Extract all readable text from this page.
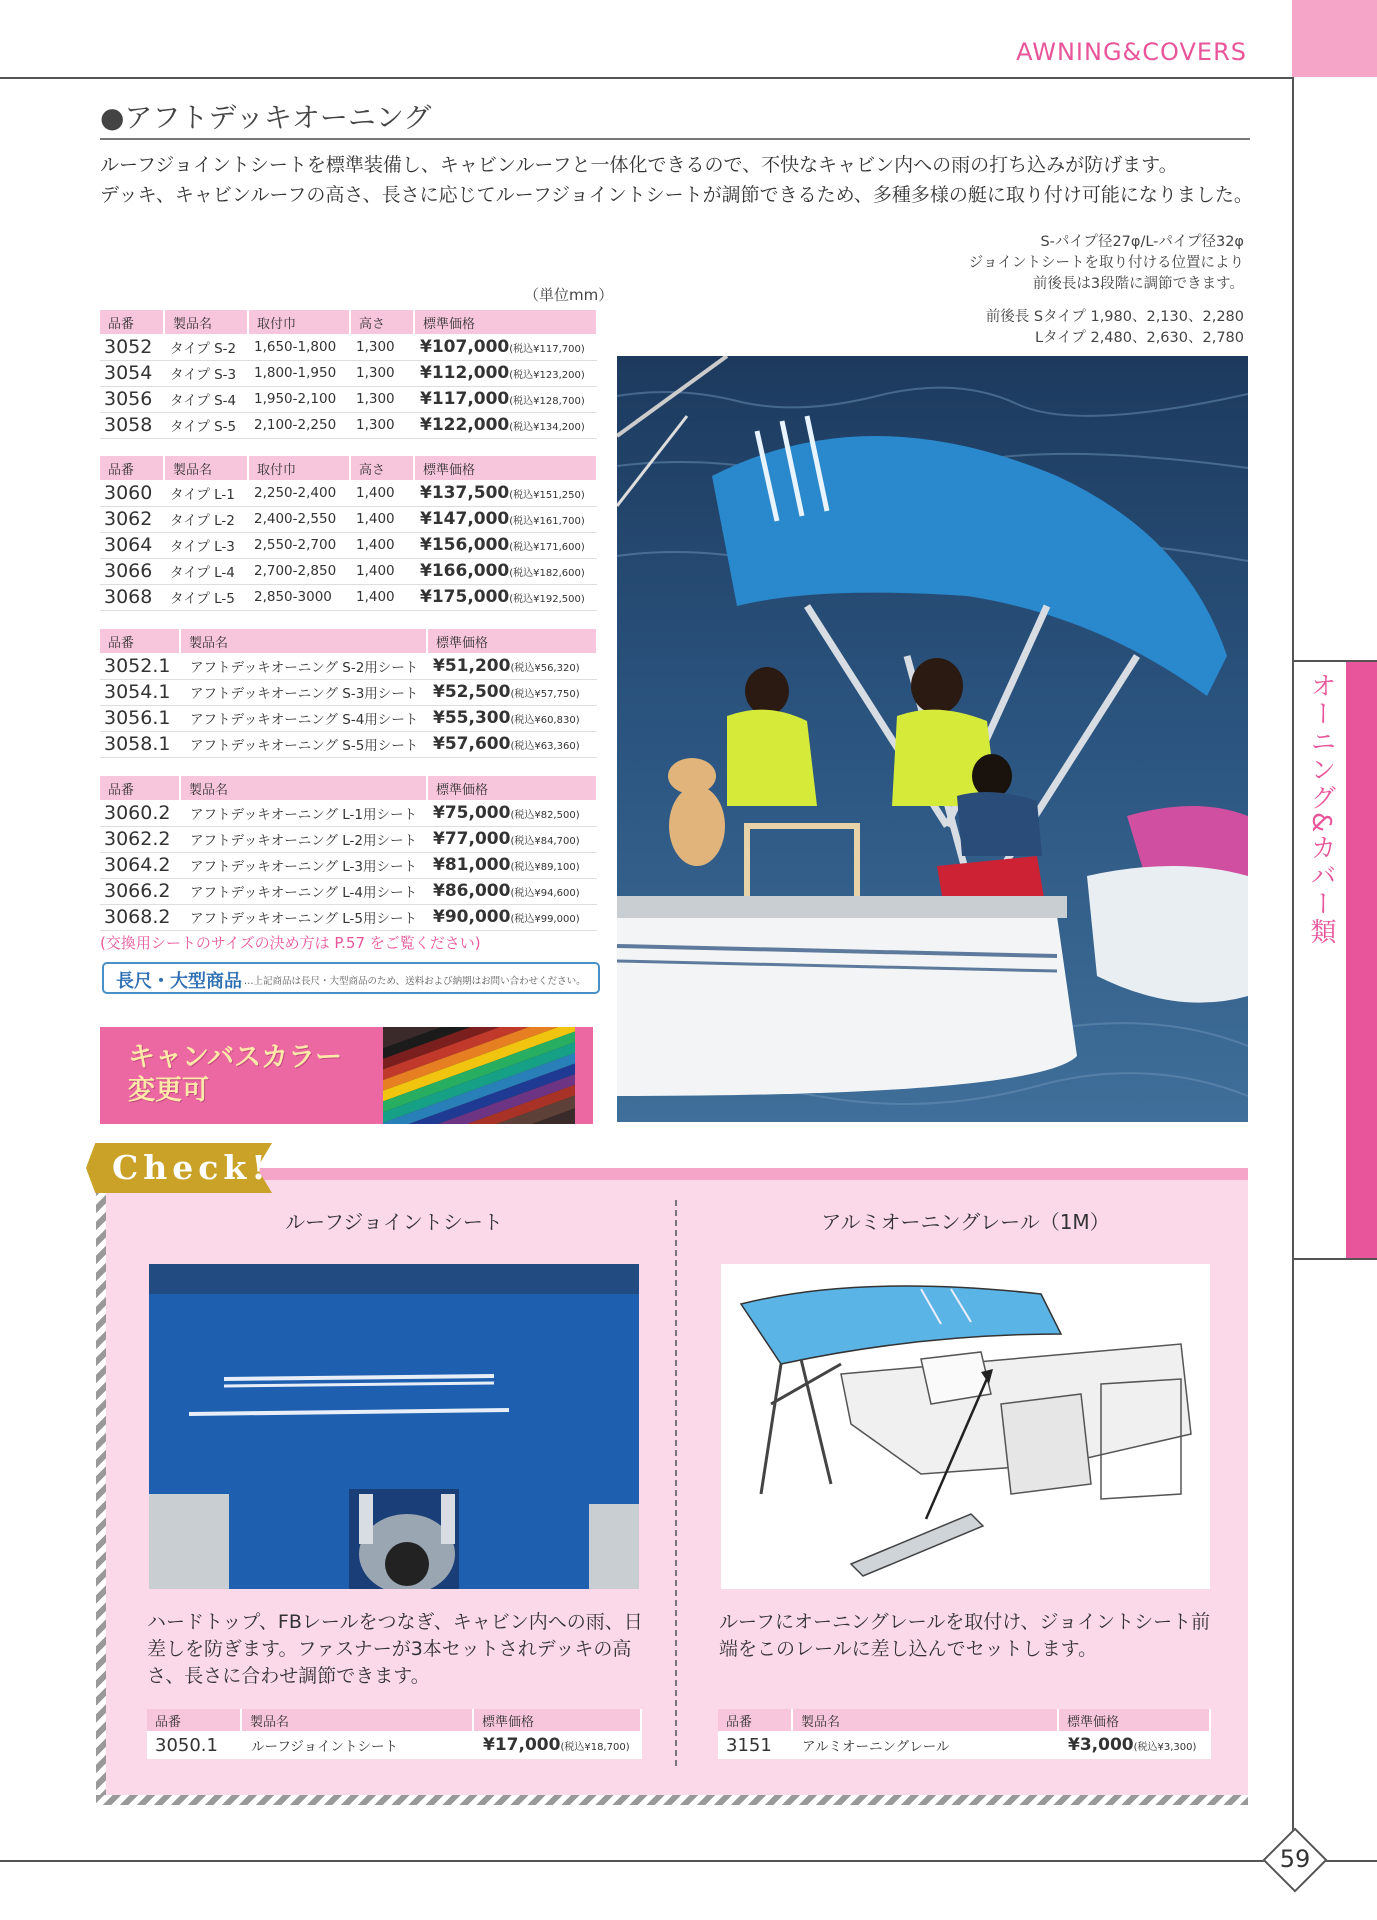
AWNING&COVERS
オーニング&カバー類
●アフトデッキオーニング
ルーフジョイントシートを標準装備し、キャビンルーフと一体化できるので、不快なキャビン内への雨の打ち込みが防げます。
デッキ、キャビンルーフの高さ、長さに応じてルーフジョイントシートが調節できるため、多種多様の艇に取り付け可能になりました。
S-パイプ径27φ/L-パイプ径32φ
ジョイントシートを取り付ける位置により
前後長は3段階に調節できます。
前後長 Sタイプ 1,980、2,130、2,280
Lタイプ 2,480、2,630、2,780
（単位mm）
品番	製品名	取付巾	高さ	標準価格
3052	タイプ S-2	1,650-1,800	1,300	¥107,000(税込¥117,700)
3054	タイプ S-3	1,800-1,950	1,300	¥112,000(税込¥123,200)
3056	タイプ S-4	1,950-2,100	1,300	¥117,000(税込¥128,700)
3058	タイプ S-5	2,100-2,250	1,300	¥122,000(税込¥134,200)
品番	製品名	取付巾	高さ	標準価格
3060	タイプ L-1	2,250-2,400	1,400	¥137,500(税込¥151,250)
3062	タイプ L-2	2,400-2,550	1,400	¥147,000(税込¥161,700)
3064	タイプ L-3	2,550-2,700	1,400	¥156,000(税込¥171,600)
3066	タイプ L-4	2,700-2,850	1,400	¥166,000(税込¥182,600)
3068	タイプ L-5	2,850-3000	1,400	¥175,000(税込¥192,500)
品番	製品名	標準価格
3052.1	アフトデッキオーニング S-2用シート	¥51,200(税込¥56,320)
3054.1	アフトデッキオーニング S-3用シート	¥52,500(税込¥57,750)
3056.1	アフトデッキオーニング S-4用シート	¥55,300(税込¥60,830)
3058.1	アフトデッキオーニング S-5用シート	¥57,600(税込¥63,360)
品番	製品名	標準価格
3060.2	アフトデッキオーニング L-1用シート	¥75,000(税込¥82,500)
3062.2	アフトデッキオーニング L-2用シート	¥77,000(税込¥84,700)
3064.2	アフトデッキオーニング L-3用シート	¥81,000(税込¥89,100)
3066.2	アフトデッキオーニング L-4用シート	¥86,000(税込¥94,600)
3068.2	アフトデッキオーニング L-5用シート	¥90,000(税込¥99,000)
(交換用シートのサイズの決め方は P.57 をご覧ください)
長尺・大型商品 …上記商品は長尺・大型商品のため、送料および納期はお問い合わせください。
キャンバスカラー
変更可
Check!
ルーフジョイントシート	アルミオーニングレール（1M）
ハードトップ、FBレールをつなぎ、キャビン内への雨、日差しを防ぎます。ファスナーが3本セットされデッキの高さ、長さに合わせ調節できます。
ルーフにオーニングレールを取付け、ジョイントシート前端をこのレールに差し込んでセットします。
品番	製品名	標準価格
3050.1	ルーフジョイントシート	¥17,000(税込¥18,700)
品番	製品名	標準価格
3151	アルミオーニングレール	¥3,000(税込¥3,300)
59
